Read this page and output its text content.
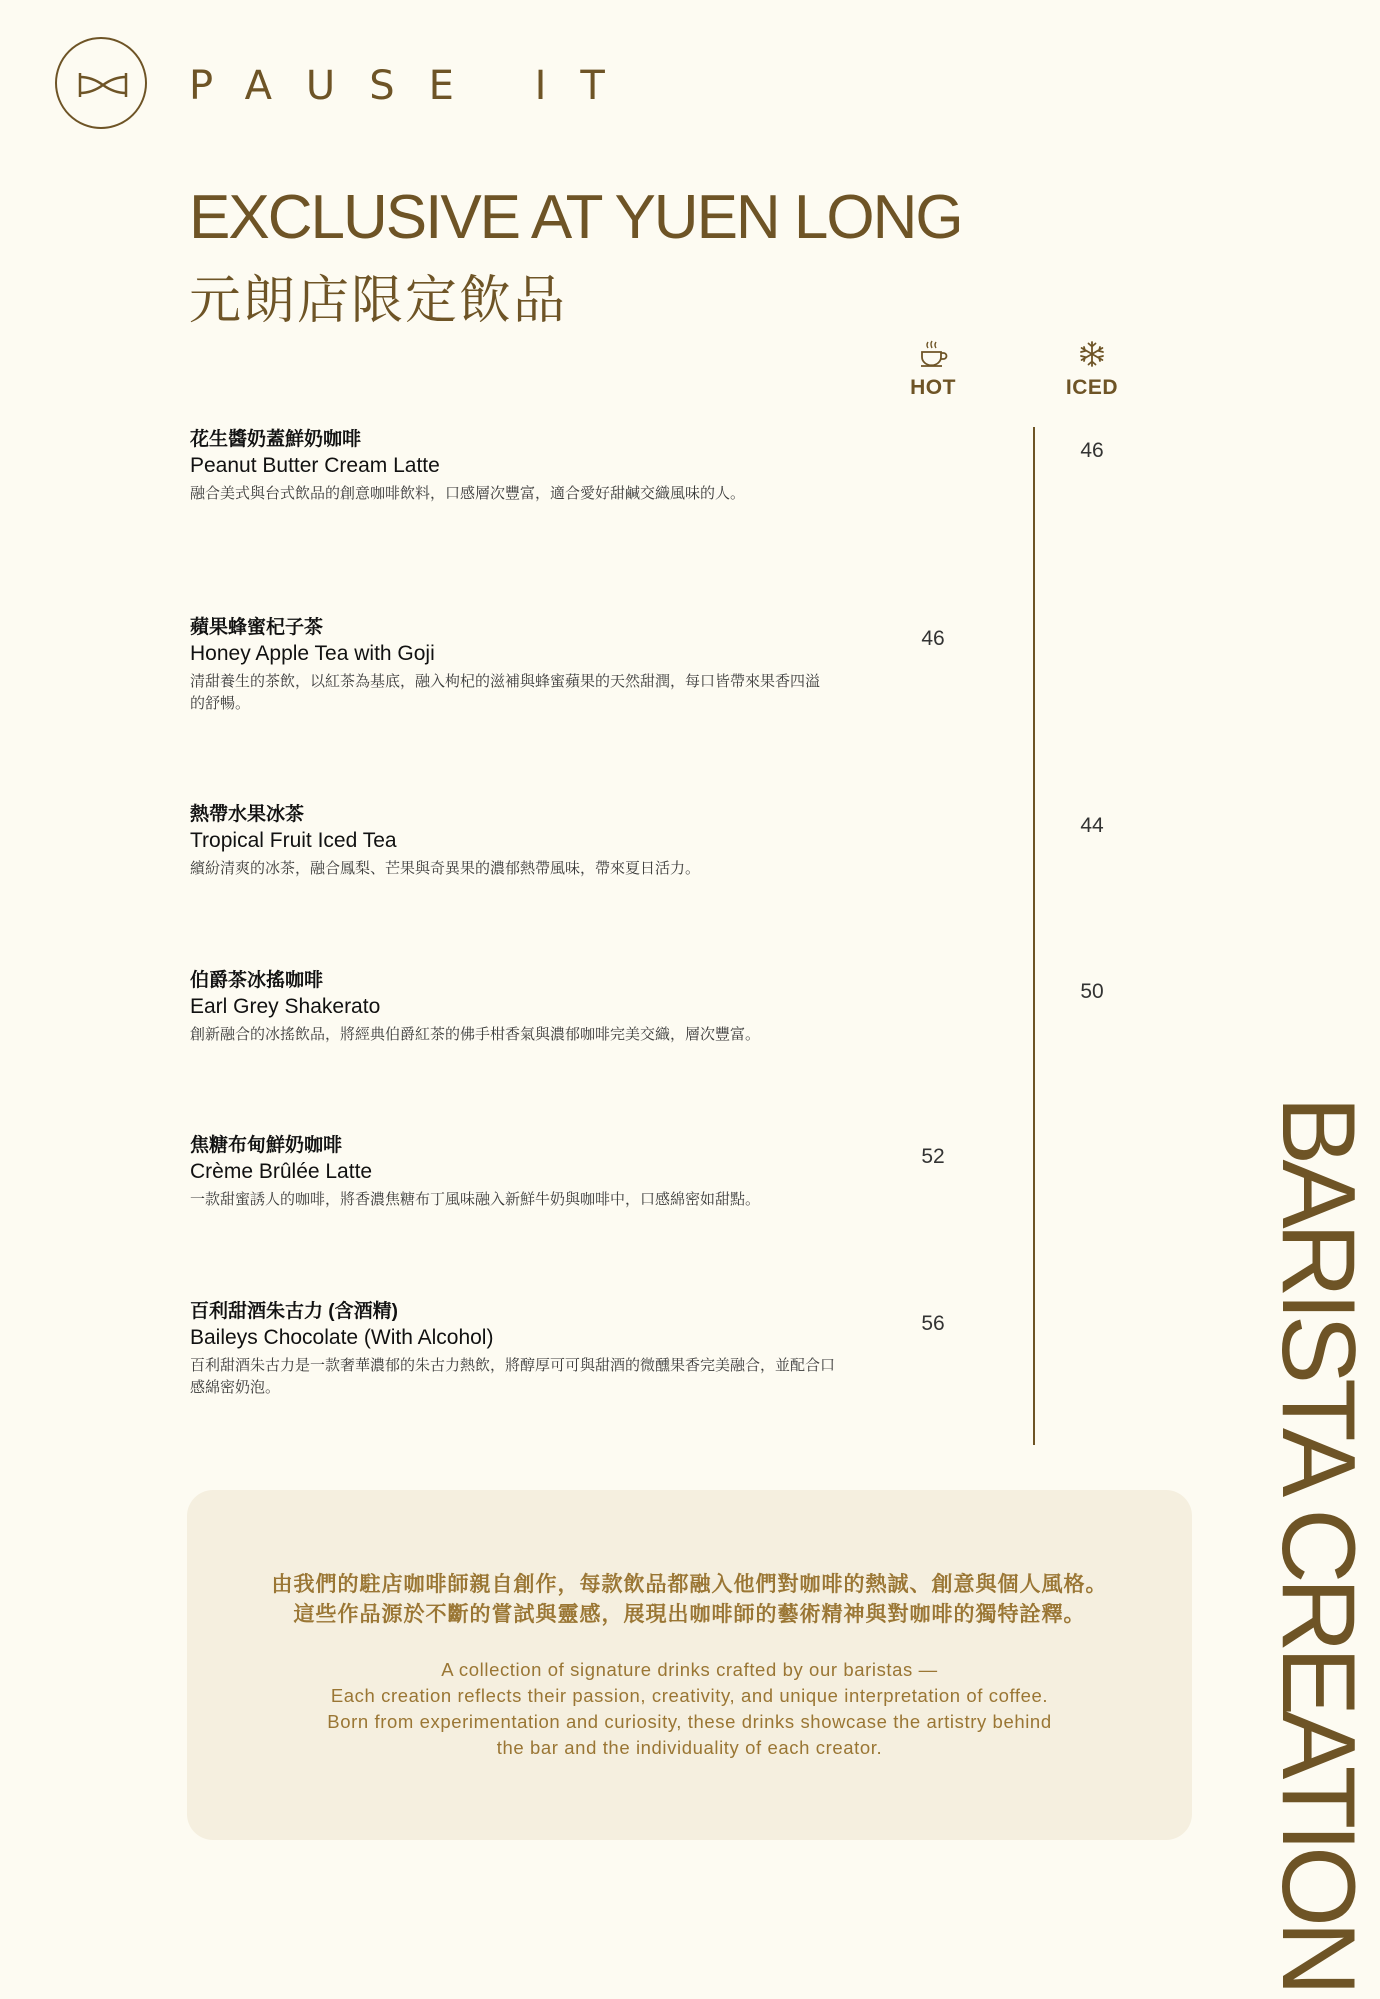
PAUSE IT
EXCLUSIVE AT YUEN LONG
元朗店限定飲品
HOT	ICED
花生醬奶蓋鮮奶咖啡
Peanut Butter Cream Latte
融合美式與台式飲品的創意咖啡飲料，口感層次豐富，適合愛好甜鹹交織風味的人。
46
蘋果蜂蜜杞子茶
Honey Apple Tea with Goji
清甜養生的茶飲，以紅茶為基底，融入枸杞的滋補與蜂蜜蘋果的天然甜潤，每口皆帶來果香四溢的舒暢。
46
熱帶水果冰茶
Tropical Fruit Iced Tea
繽紛清爽的冰茶，融合鳳梨、芒果與奇異果的濃郁熱帶風味，帶來夏日活力。
44
伯爵茶冰搖咖啡
Earl Grey Shakerato
創新融合的冰搖飲品，將經典伯爵紅茶的佛手柑香氣與濃郁咖啡完美交織，層次豐富。
50
焦糖布甸鮮奶咖啡
Crème Brûlée Latte
一款甜蜜誘人的咖啡，將香濃焦糖布丁風味融入新鮮牛奶與咖啡中，口感綿密如甜點。
52
百利甜酒朱古力 (含酒精)
Baileys Chocolate (With Alcohol)
百利甜酒朱古力是一款奢華濃郁的朱古力熱飲，將醇厚可可與甜酒的微醺果香完美融合，並配合口感綿密奶泡。
56
由我們的駐店咖啡師親自創作，每款飲品都融入他們對咖啡的熱誠、創意與個人風格。
這些作品源於不斷的嘗試與靈感，展現出咖啡師的藝術精神與對咖啡的獨特詮釋。
A collection of signature drinks crafted by our baristas —
Each creation reflects their passion, creativity, and unique interpretation of coffee.
Born from experimentation and curiosity, these drinks showcase the artistry behind
the bar and the individuality of each creator.	BARISTA CREATION
